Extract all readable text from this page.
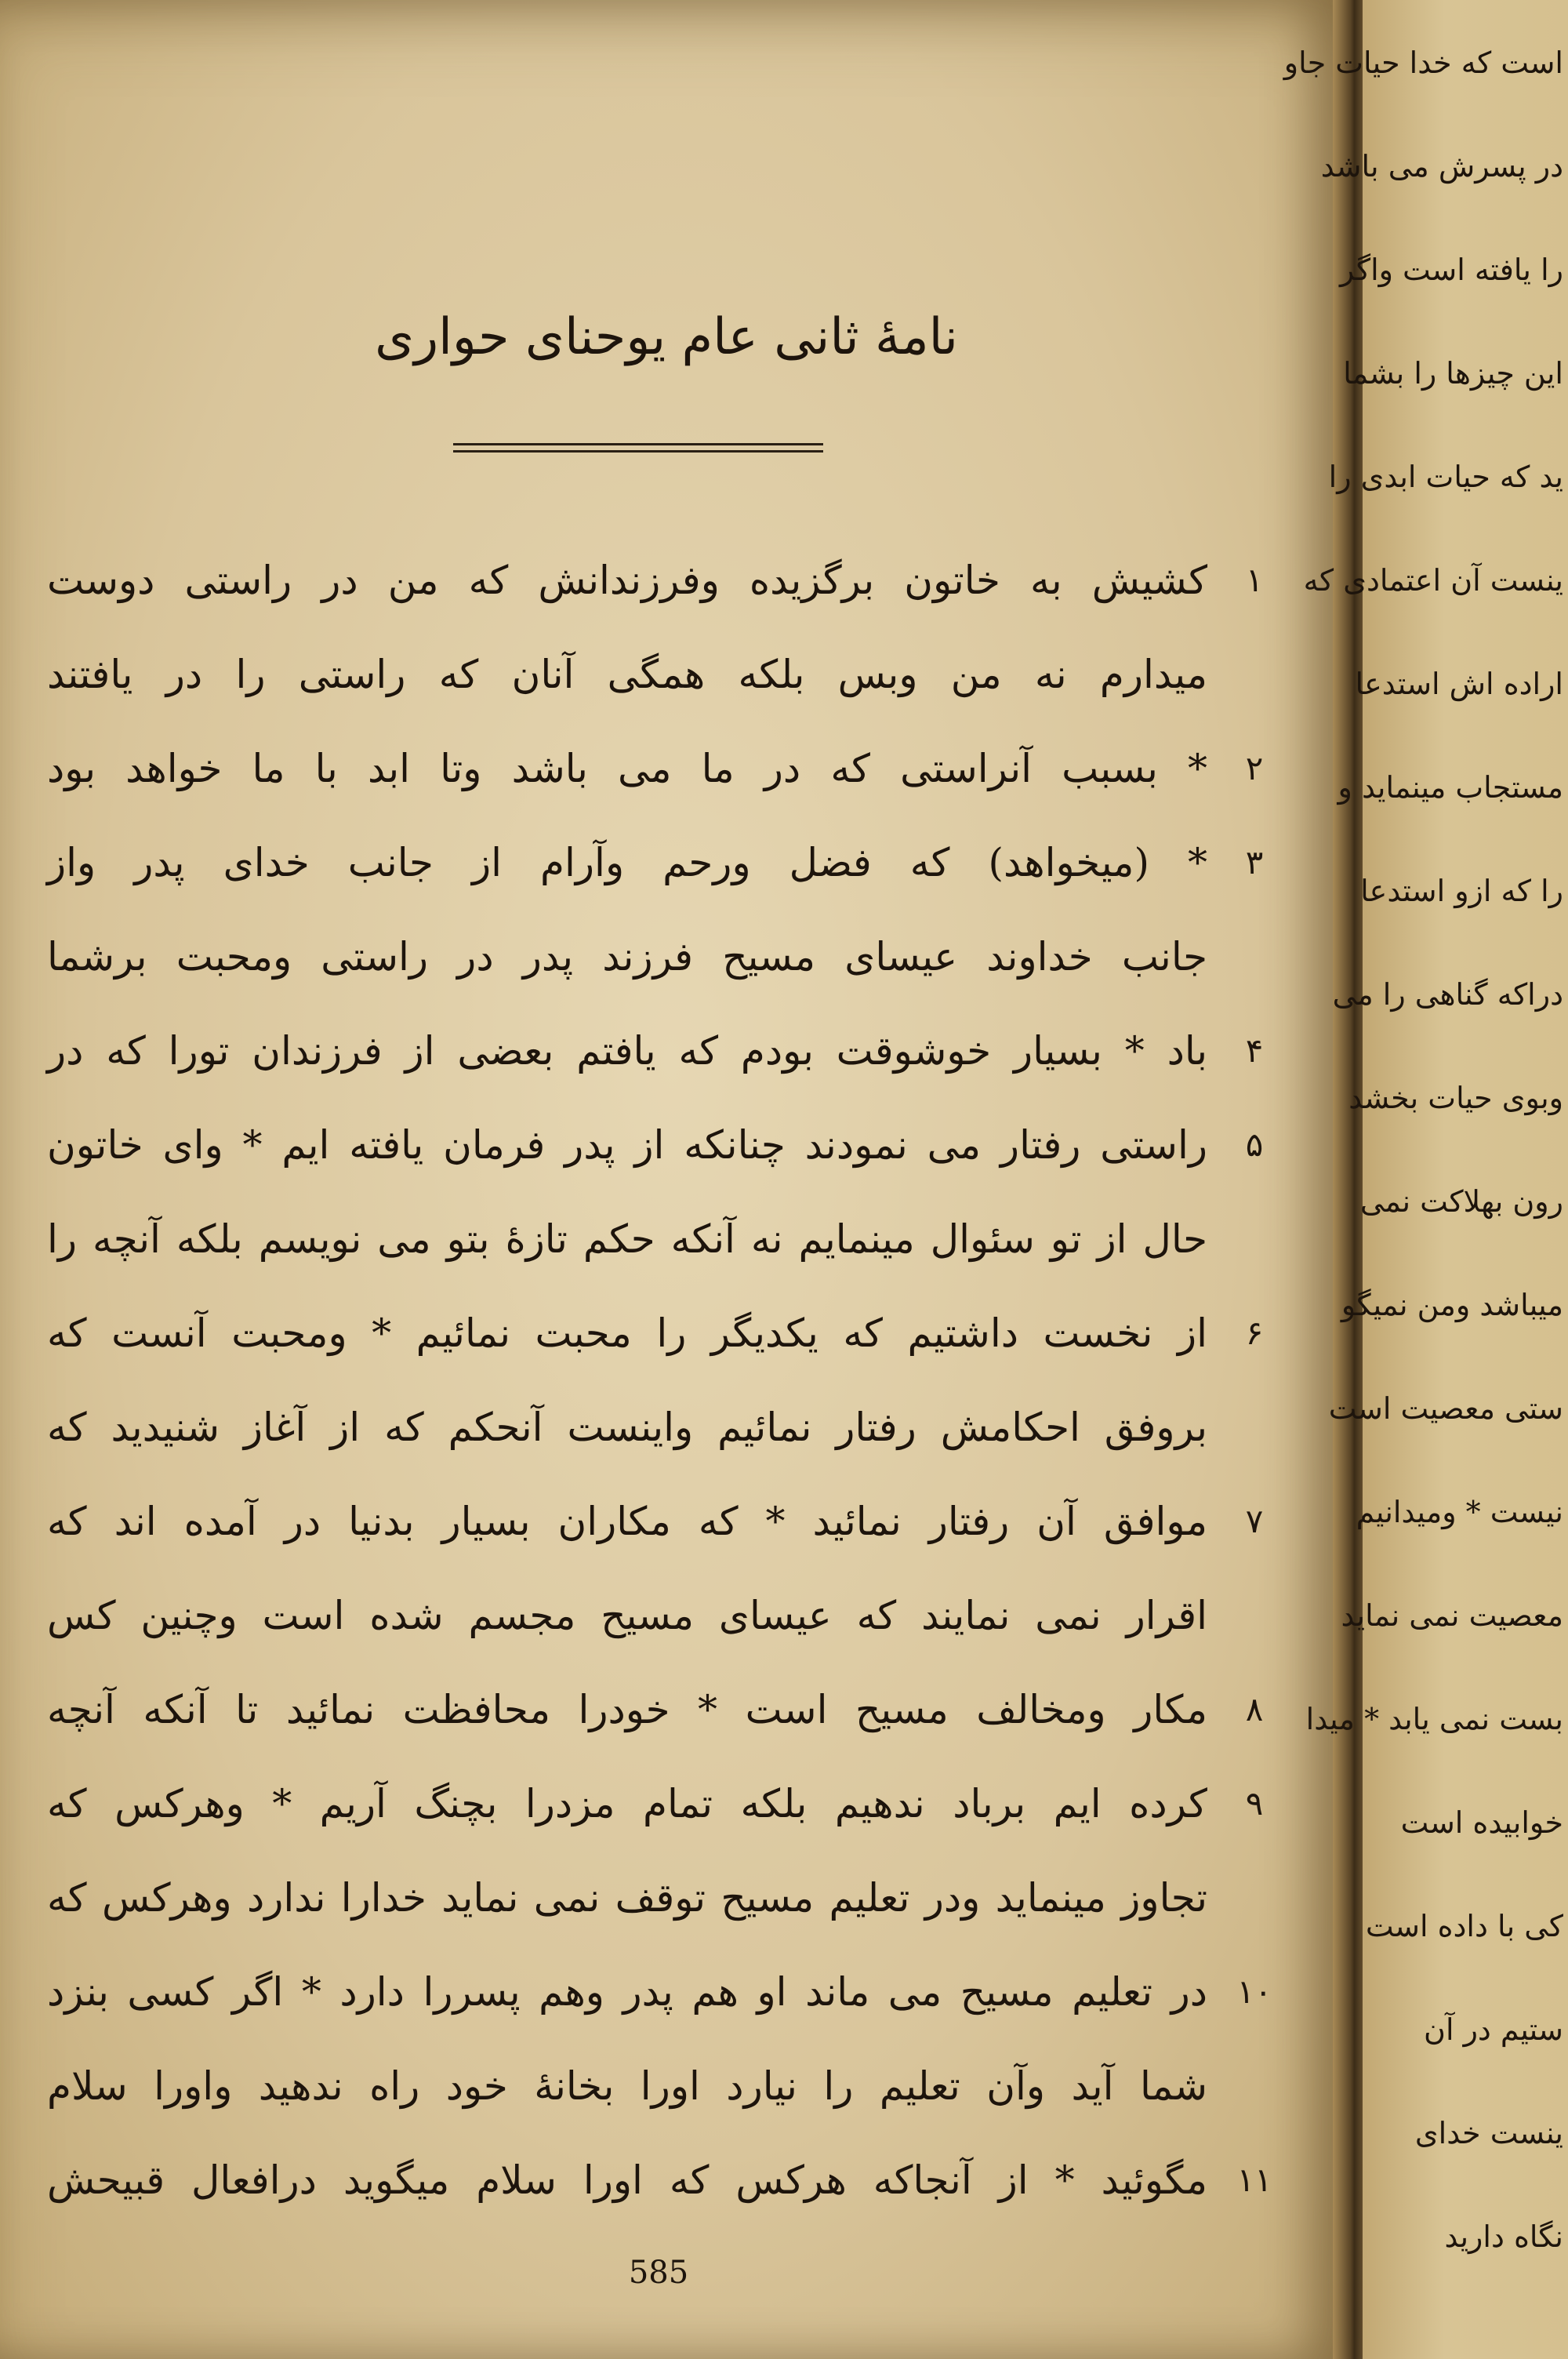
نامهٔ ثانی عام یوحنای حواری
کشیش به خاتون برگزیده وفرزندانش که من در راستی دوست	۱
میدارم نه من وبس بلکه همگی آنان که راستی را در یافتند
* بسبب آنراستی که در ما می باشد وتا ابد با ما خواهد بود	۲
* (میخواهد) که فضل ورحم وآرام از جانب خدای پدر واز	۳
جانب خداوند عیسای مسیح فرزند پدر در راستی ومحبت برشما
باد * بسیار خوشوقت بودم که یافتم بعضی از فرزندان تورا که در	۴
راستی رفتار می نمودند چنانکه از پدر فرمان یافته ایم * وای خاتون	۵
حال از تو سئوال مینمایم نه آنکه حکم تازهٔ بتو می نویسم بلکه آنچه را
از نخست داشتیم که یکدیگر را محبت نمائیم * ومحبت آنست که	۶
بروفق احکامش رفتار نمائیم واینست آنحکم که از آغاز شنیدید که
موافق آن رفتار نمائید * که مکاران بسیار بدنیا در آمده اند که	۷
اقرار نمی نمایند که عیسای مسیح مجسم شده است وچنین کس
مکار ومخالف مسیح است * خودرا محافظت نمائید تا آنکه آنچه	۸
کرده ایم برباد ندهیم بلکه تمام مزدرا بچنگ آریم * وهرکس که	۹
تجاوز مینماید ودر تعلیم مسیح توقف نمی نماید خدارا ندارد وهرکس که
در تعلیم مسیح می ماند او هم پدر وهم پسررا دارد * اگر کسی بنزد ۱۰
شما آید وآن تعلیم را نیارد اورا بخانهٔ خود راه ندهید واورا سلام
مگوئید * از آنجاکه هرکس که اورا سلام میگوید درافعال قبیحش ۱۱
585
است که خدا حیات جاو
در پسرش می باشد
را یافته است واگر
این چیزها را بشما
ید که حیات ابدی را
ینست آن اعتمادی که
اراده اش استدعا
مستجاب مینماید و
را که ازو استدعا
دراکه گناهی را می
وبوی حیات بخشد
رون بهلاکت نمی
میباشد ومن نمیگو
ستی معصیت است
نیست * ومیدانیم
معصیت نمی نماید
بست نمی یابد * میدا
خوابیده است
کی با داده است
ستیم در آن
ینست خدای
نگاه دارید
